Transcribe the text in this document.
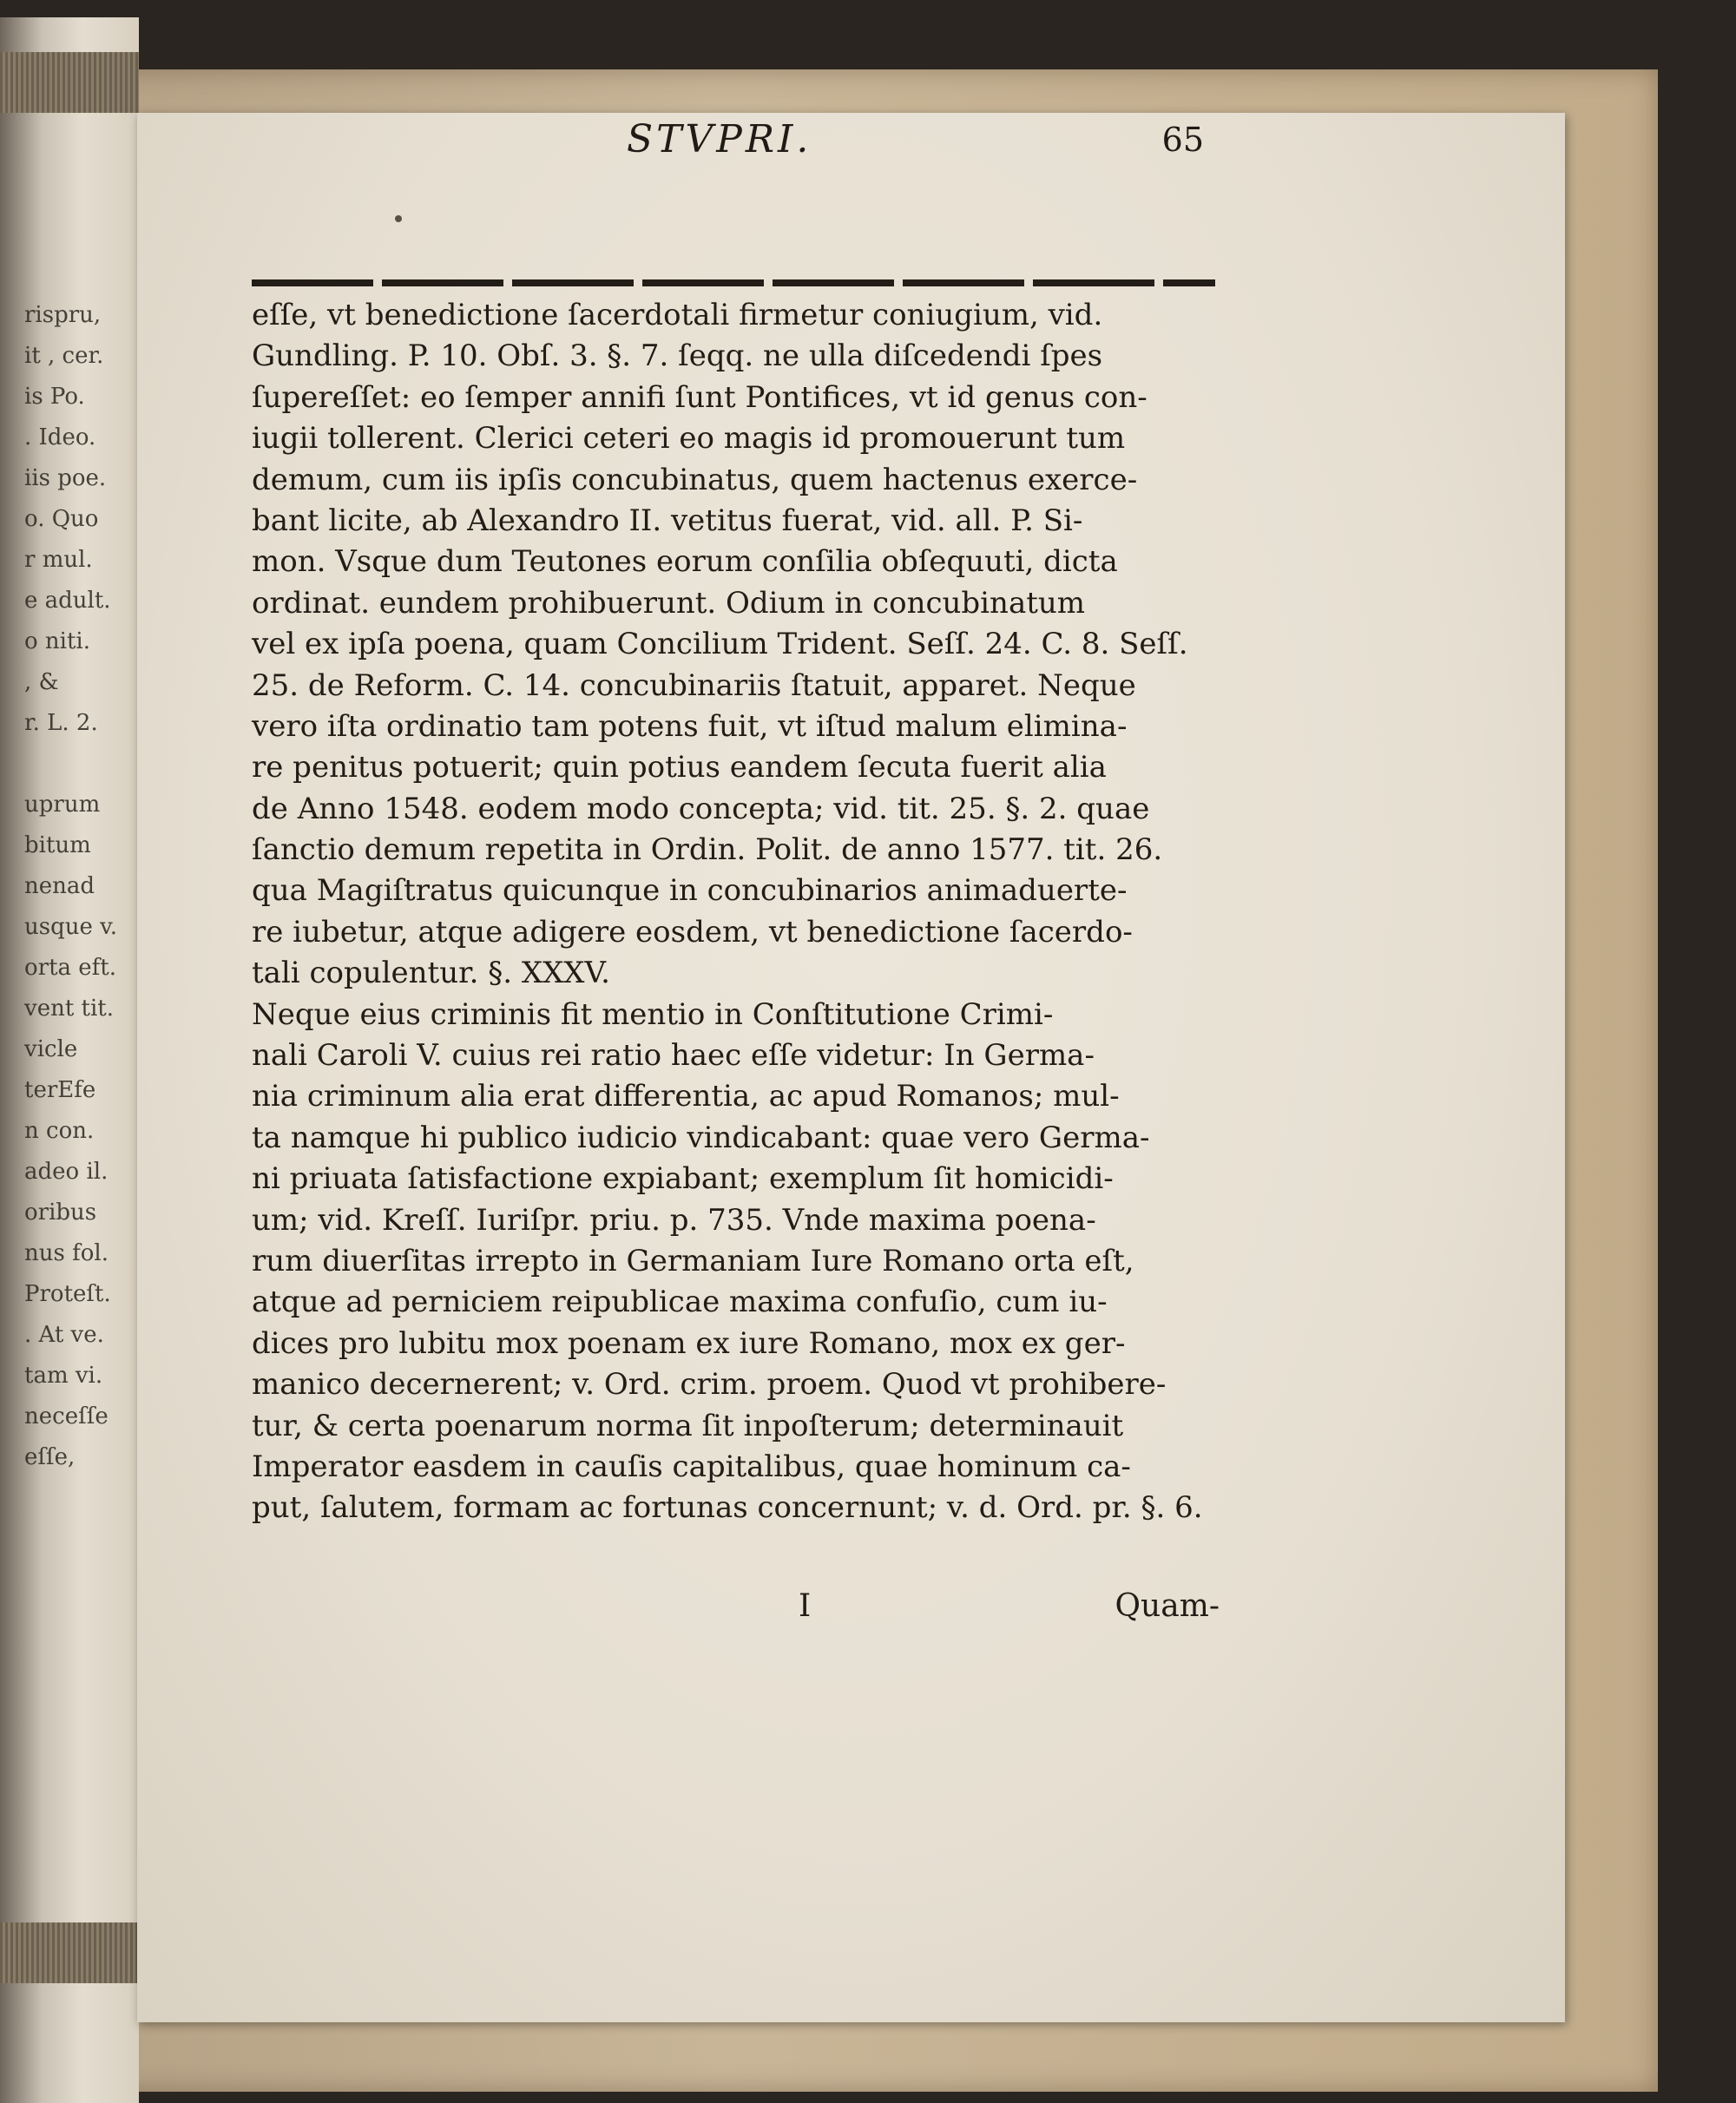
rispru,
it , cer.
is Po.
. Ideo.
iis poe.
o. Quo
r mul.
e adult.
o niti.
, &
r. L. 2.
uprum
bitum
nenad
usque v.
orta eft.
vent tit.
vicle
terEfe
n con.
adeo il.
oribus
nus fol.
Proteſt.
. At ve.
tam vi.
neceſſe
eſſe,
STVPRI.	65
eſſe, vt benedictione ſacerdotali firmetur coniugium, vid.
Gundling. P. 10. Obſ. 3. §. 7. ſeqq. ne ulla diſcedendi ſpes
ſupereſſet: eo ſemper annifi ſunt Pontifices, vt id genus con-
iugii tollerent. Clerici ceteri eo magis id promouerunt tum
demum, cum iis ipſis concubinatus, quem hactenus exerce-
bant licite, ab Alexandro II. vetitus fuerat, vid. all. P. Si-
mon. Vsque dum Teutones eorum conſilia obſequuti, dicta
ordinat. eundem prohibuerunt. Odium in concubinatum
vel ex ipſa poena, quam Concilium Trident. Seſſ. 24. C. 8. Seſſ.
25. de Reform. C. 14. concubinariis ſtatuit, apparet. Neque
vero iſta ordinatio tam potens fuit, vt iſtud malum elimina-
re penitus potuerit; quin potius eandem ſecuta fuerit alia
de Anno 1548. eodem modo concepta; vid. tit. 25. §. 2. quae
ſanctio demum repetita in Ordin. Polit. de anno 1577. tit. 26.
qua Magiſtratus quicunque in concubinarios animaduerte-
re iubetur, atque adigere eosdem, vt benedictione ſacerdo-
tali copulentur. §. XXXV.
Neque eius criminis fit mentio in Conſtitutione Crimi-
nali Caroli V. cuius rei ratio haec eſſe videtur: In Germa-
nia criminum alia erat differentia, ac apud Romanos; mul-
ta namque hi publico iudicio vindicabant: quae vero Germa-
ni priuata ſatisfactione expiabant; exemplum ſit homicidi-
um; vid. Kreſſ. Iuriſpr. priu. p. 735. Vnde maxima poena-
rum diuerſitas irrepto in Germaniam Iure Romano orta eſt,
atque ad perniciem reipublicae maxima confuſio, cum iu-
dices pro lubitu mox poenam ex iure Romano, mox ex ger-
manico decernerent; v. Ord. crim. proem. Quod vt prohibere-
tur, & certa poenarum norma ſit inpoſterum; determinauit
Imperator easdem in cauſis capitalibus, quae hominum ca-
put, ſalutem, formam ac fortunas concernunt; v. d. Ord. pr. §. 6.
I	Quam-
